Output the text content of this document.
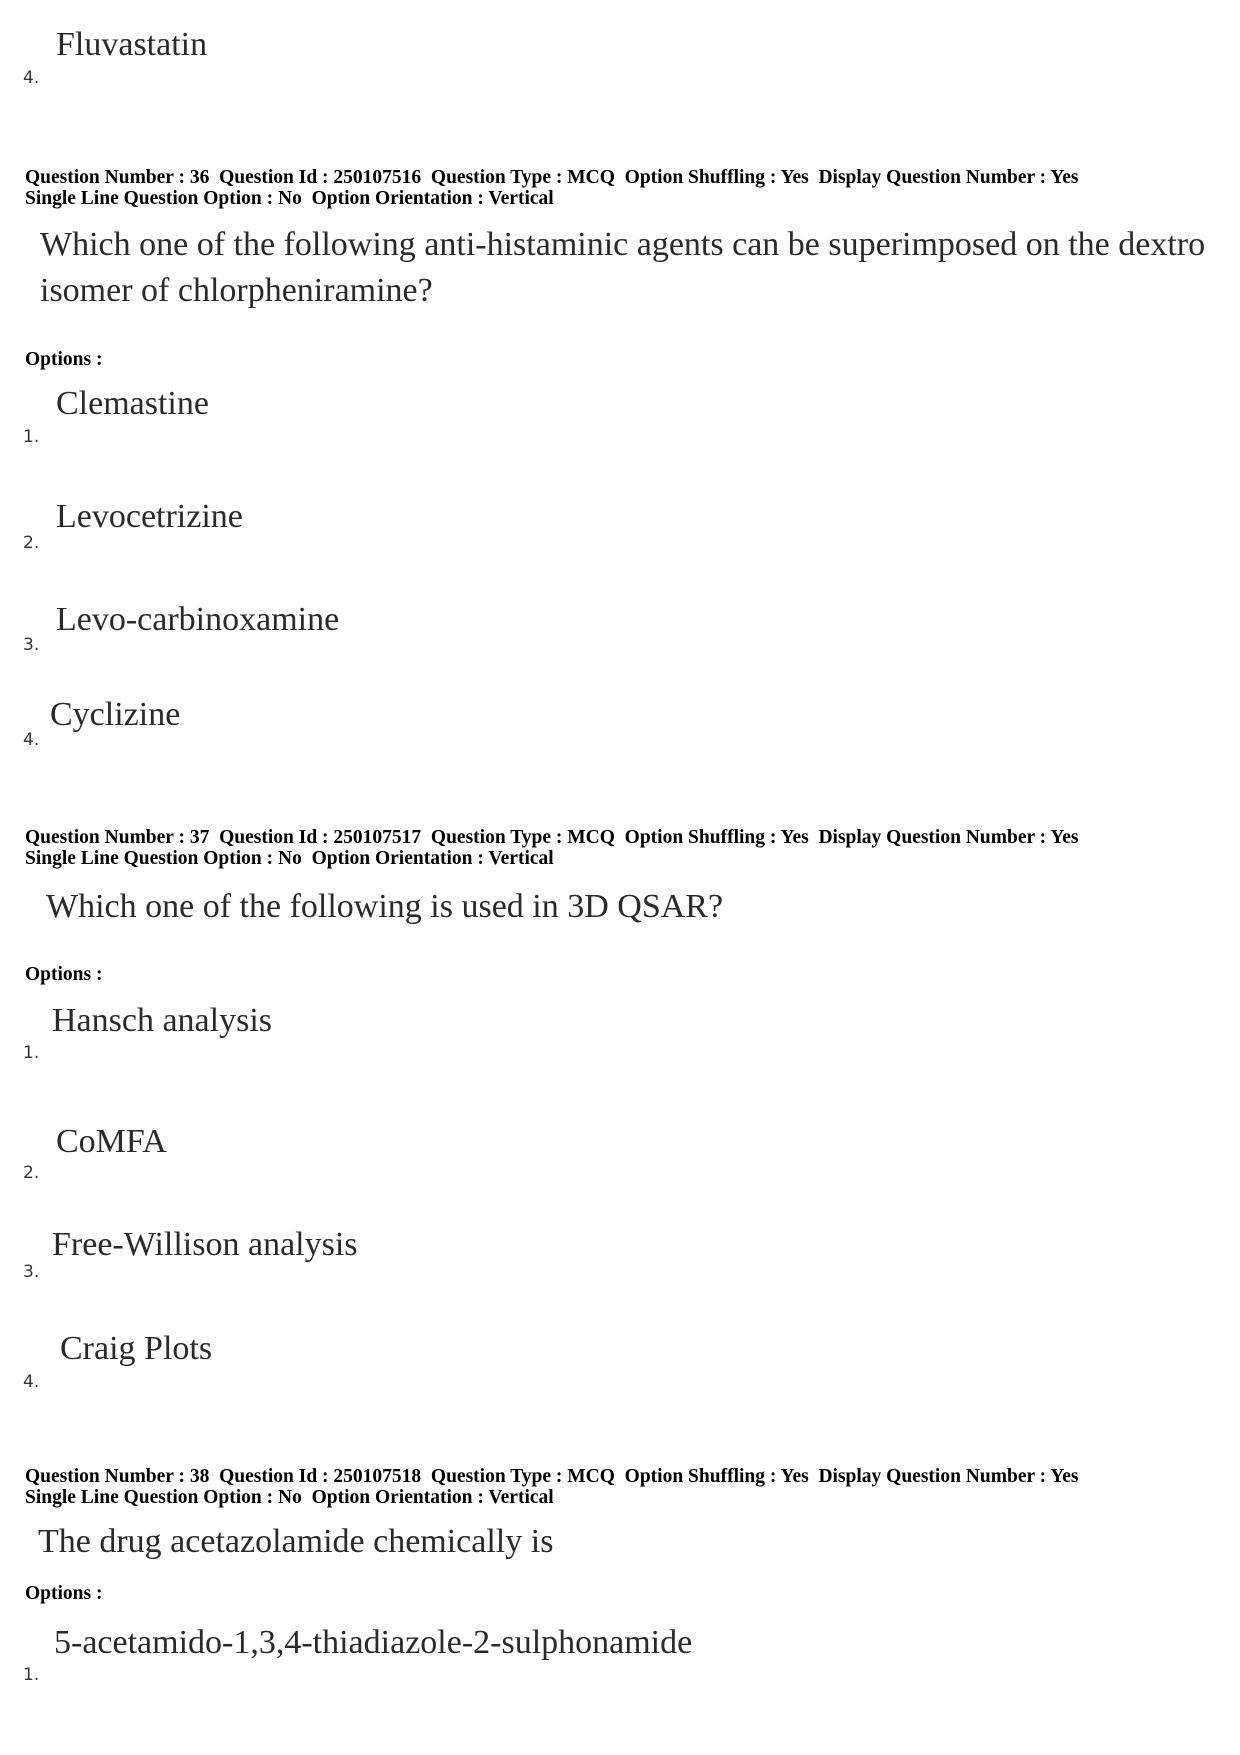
Fluvastatin
4.
Question Number : 36  Question Id : 250107516  Question Type : MCQ  Option Shuffling : Yes  Display Question Number : Yes
Single Line Question Option : No  Option Orientation : Vertical
Which one of the following anti-histaminic agents can be superimposed on the dextro isomer of chlorpheniramine?
Options :
Clemastine
1.
Levocetrizine
2.
Levo-carbinoxamine
3.
Cyclizine
4.
Question Number : 37  Question Id : 250107517  Question Type : MCQ  Option Shuffling : Yes  Display Question Number : Yes
Single Line Question Option : No  Option Orientation : Vertical
Which one of the following is used in 3D QSAR?
Options :
Hansch analysis
1.
CoMFA
2.
Free-Willison analysis
3.
Craig Plots
4.
Question Number : 38  Question Id : 250107518  Question Type : MCQ  Option Shuffling : Yes  Display Question Number : Yes
Single Line Question Option : No  Option Orientation : Vertical
The drug acetazolamide chemically is
Options :
5-acetamido-1,3,4-thiadiazole-2-sulphonamide
1.
